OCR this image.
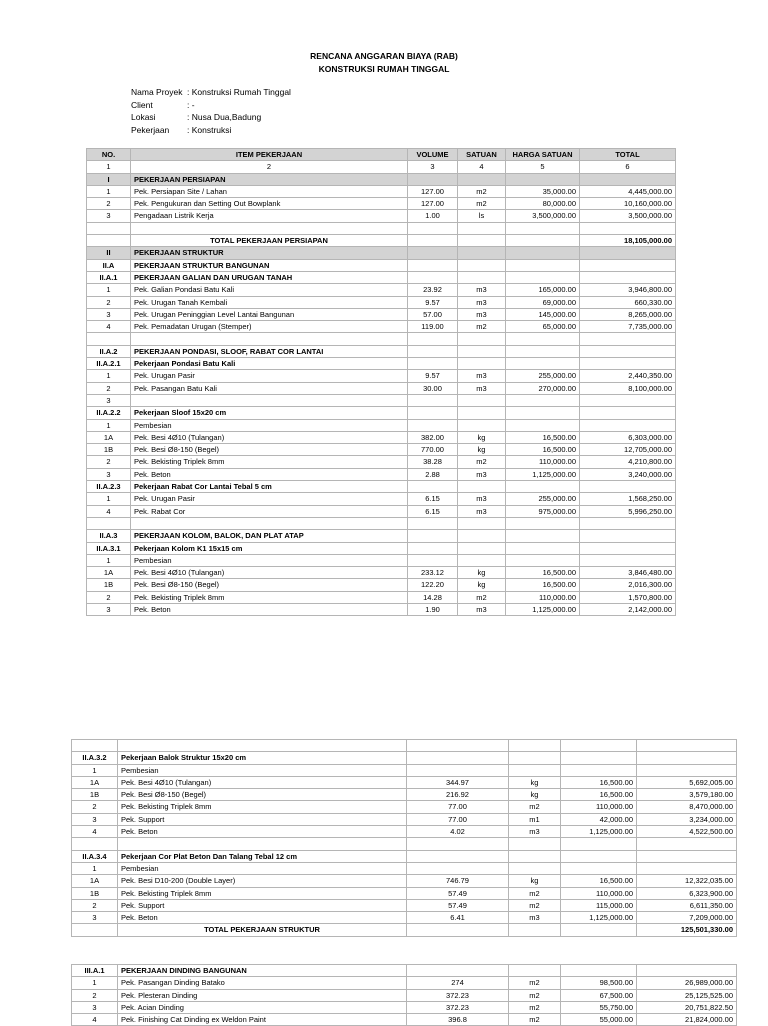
RENCANA ANGGARAN BIAYA (RAB)
KONSTRUKSI RUMAH TINGGAL
Nama Proyek : Konstruksi Rumah Tinggal
Client	: -
Lokasi	: Nusa Dua,Badung
Pekerjaan : Konstruksi
NO.	ITEM PEKERJAAN	VOLUME	SATUAN	HARGA SATUAN	TOTAL
1	2	3	4	5	6
I	PEKERJAAN PERSIAPAN				
1	Pek. Persiapan Site / Lahan	127.00	m2	35,000.00	4,445,000.00
2	Pek. Pengukuran dan Setting Out Bowplank	127.00	m2	80,000.00	10,160,000.00
3	Pengadaan Listrik Kerja	1.00	ls	3,500,000.00	3,500,000.00

	TOTAL PEKERJAAN PERSIAPAN				18,105,000.00
II	PEKERJAAN STRUKTUR				
II.A	PEKERJAAN STRUKTUR BANGUNAN				
II.A.1	PEKERJAAN GALIAN DAN URUGAN TANAH				
1	Pek. Galian Pondasi Batu Kali	23.92	m3	165,000.00	3,946,800.00
2	Pek. Urugan Tanah Kembali	9.57	m3	69,000.00	660,330.00
3	Pek. Urugan Peninggian Level Lantai Bangunan	57.00	m3	145,000.00	8,265,000.00
4	Pek. Pemadatan Urugan (Stemper)	119.00	m2	65,000.00	7,735,000.00

II.A.2	PEKERJAAN PONDASI, SLOOF, RABAT COR LANTAI				
II.A.2.1	Pekerjaan Pondasi Batu Kali				
1	Pek. Urugan Pasir	9.57	m3	255,000.00	2,440,350.00
2	Pek. Pasangan Batu Kali	30.00	m3	270,000.00	8,100,000.00
3					
II.A.2.2	Pekerjaan Sloof 15x20 cm				
1	Pembesian				
1A	Pek. Besi 4Ø10 (Tulangan)	382.00	kg	16,500.00	6,303,000.00
1B	Pek. Besi Ø8-150 (Begel)	770.00	kg	16,500.00	12,705,000.00
2	Pek. Bekisting Triplek 8mm	38.28	m2	110,000.00	4,210,800.00
3	Pek. Beton	2.88	m3	1,125,000.00	3,240,000.00
II.A.2.3	Pekerjaan Rabat Cor Lantai Tebal 5 cm				
1	Pek. Urugan Pasir	6.15	m3	255,000.00	1,568,250.00
4	Pek. Rabat Cor	6.15	m3	975,000.00	5,996,250.00

II.A.3	PEKERJAAN KOLOM, BALOK, DAN PLAT ATAP				
II.A.3.1	Pekerjaan Kolom K1 15x15 cm				
1	Pembesian				
1A	Pek. Besi 4Ø10 (Tulangan)	233.12	kg	16,500.00	3,846,480.00
1B	Pek. Besi Ø8-150 (Begel)	122.20	kg	16,500.00	2,016,300.00
2	Pek. Bekisting Triplek 8mm	14.28	m2	110,000.00	1,570,800.00
3	Pek. Beton	1.90	m3	1,125,000.00	2,142,000.00

II.A.3.2	Pekerjaan Balok Struktur 15x20 cm				
1	Pembesian				
1A	Pek. Besi 4Ø10 (Tulangan)	344.97	kg	16,500.00	5,692,005.00
1B	Pek. Besi Ø8-150 (Begel)	216.92	kg	16,500.00	3,579,180.00
2	Pek. Bekisting Triplek 8mm	77.00	m2	110,000.00	8,470,000.00
3	Pek. Support	77.00	m1	42,000.00	3,234,000.00
4	Pek. Beton	4.02	m3	1,125,000.00	4,522,500.00

II.A.3.4	Pekerjaan Cor Plat Beton Dan Talang Tebal 12 cm				
1	Pembesian				
1A	Pek. Besi D10-200 (Double Layer)	746.79	kg	16,500.00	12,322,035.00
1B	Pek. Bekisting Triplek 8mm	57.49	m2	110,000.00	6,323,900.00
2	Pek. Support	57.49	m2	115,000.00	6,611,350.00
3	Pek. Beton	6.41	m3	1,125,000.00	7,209,000.00
	TOTAL PEKERJAAN STRUKTUR				125,501,330.00
III.A.1	PEKERJAAN DINDING BANGUNAN				
1	Pek. Pasangan Dinding Batako	274	m2	98,500.00	26,989,000.00
2	Pek. Plesteran Dinding	372.23	m2	67,500.00	25,125,525.00
3	Pek. Acian Dinding	372.23	m2	55,750.00	20,751,822.50
4	Pek. Finishing Cat Dinding ex Weldon Paint	396.8	m2	55,000.00	21,824,000.00
